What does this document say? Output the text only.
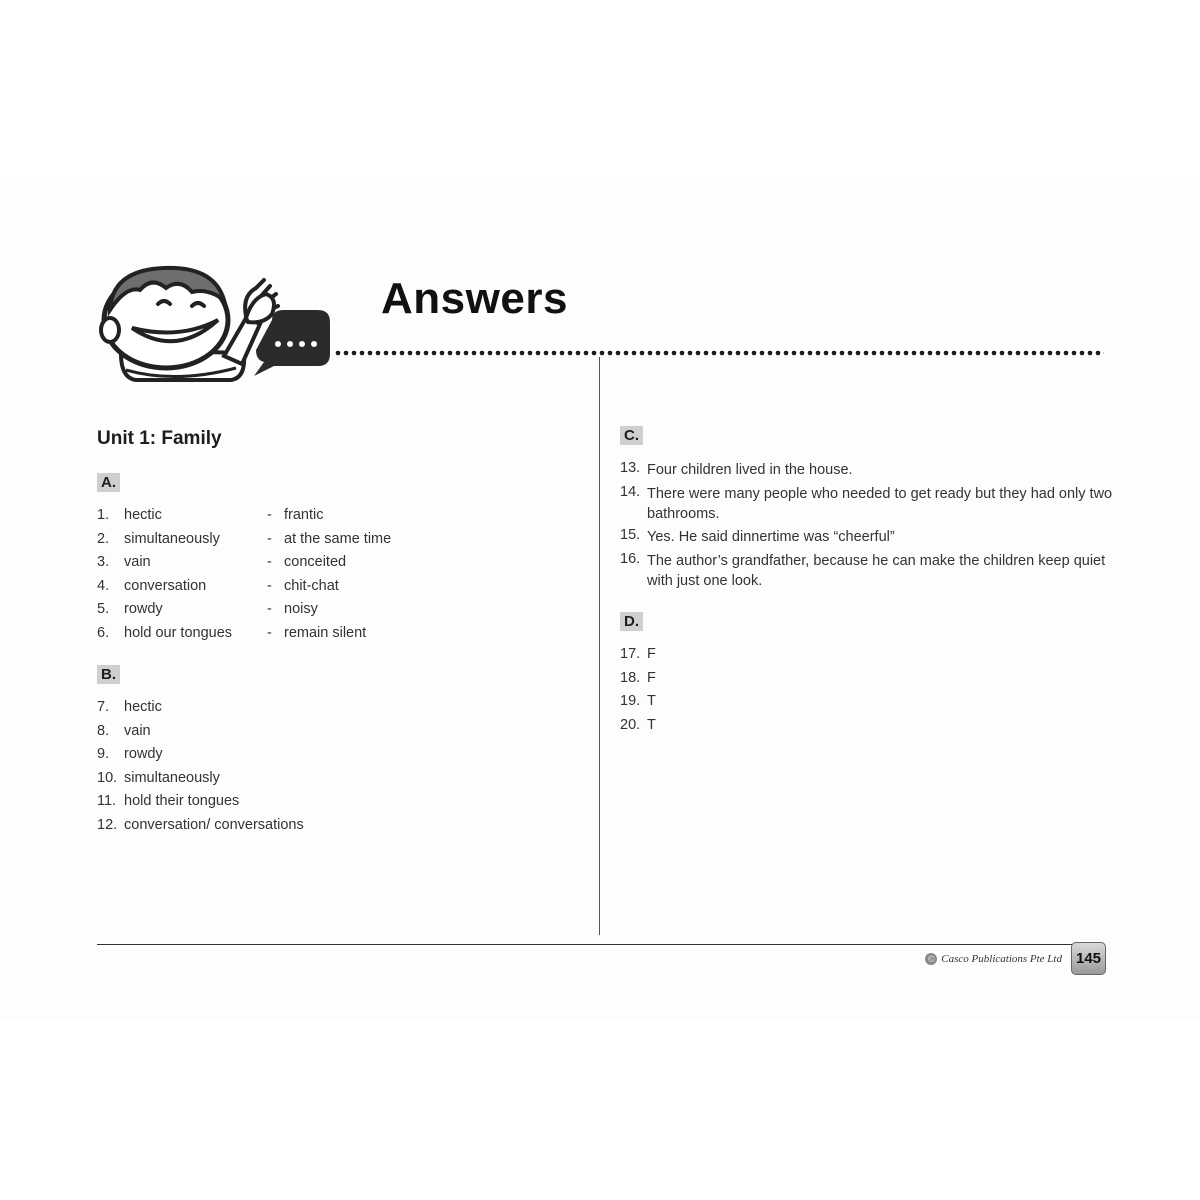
Answers
Unit 1: Family
A.
1. hectic	- frantic
2. simultaneously	- at the same time
3. vain	- conceited
4. conversation	- chit-chat
5. rowdy	- noisy
6. hold our tongues - remain silent
B.
7. hectic
8. vain
9. rowdy
10. simultaneously
11. hold their tongues
12. conversation/ conversations
C.
13. Four children lived in the house.
14. There were many people who needed to get ready but they had only two bathrooms.
15. Yes. He said dinnertime was “cheerful”
16. The author’s grandfather, because he can make the children keep quiet with just one look.
D.
17. F
18. F
19. T
20. T
© Casco Publications Pte Ltd 145
